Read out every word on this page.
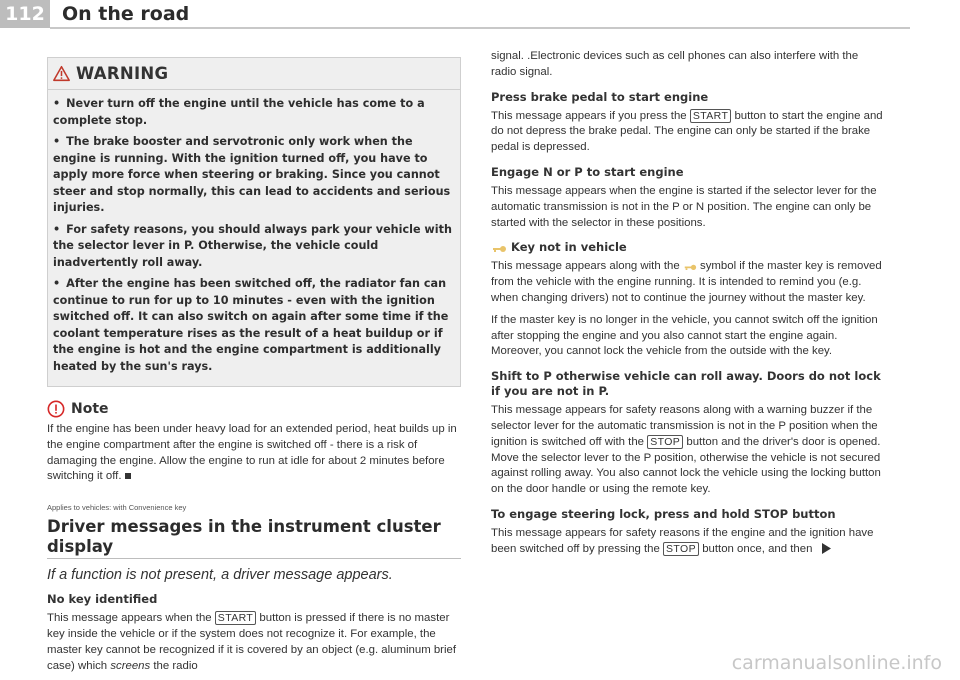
112 On the road
WARNING
• Never turn off the engine until the vehicle has come to a complete stop.
• The brake booster and servotronic only work when the engine is running. With the ignition turned off, you have to apply more force when steering or braking. Since you cannot steer and stop normally, this can lead to accidents and serious injuries.
• For safety reasons, you should always park your vehicle with the selector lever in P. Otherwise, the vehicle could inadvertently roll away.
• After the engine has been switched off, the radiator fan can continue to run for up to 10 minutes - even with the ignition switched off. It can also switch on again after some time if the coolant temperature rises as the result of a heat buildup or if the engine is hot and the engine compartment is additionally heated by the sun's rays.
Note

If the engine has been under heavy load for an extended period, heat builds up in the engine compartment after the engine is switched off - there is a risk of damaging the engine. Allow the engine to run at idle for about 2 minutes before switching it off.

Applies to vehicles: with Convenience key
Driver messages in the instrument cluster display
If a function is not present, a driver message appears.
No key identified

This message appears when the START button is pressed if there is no master key inside the vehicle or if the system does not recognize it. For example, the master key cannot be recognized if it is covered by an object (e.g. aluminum brief case) which screens the radio

signal. .Electronic devices such as cell phones can also interfere with the radio signal.

Press brake pedal to start engine

This message appears if you press the START button to start the engine and do not depress the brake pedal. The engine can only be started if the brake pedal is depressed.

Engage N or P to start engine

This message appears when the engine is started if the selector lever for the automatic transmission is not in the P or N position. The engine can only be started with the selector in these positions.

Key not in vehicle

This message appears along with the symbol if the master key is removed from the vehicle with the engine running. It is intended to remind you (e.g. when changing drivers) not to continue the journey without the master key.

If the master key is no longer in the vehicle, you cannot switch off the ignition after stopping the engine and you also cannot start the engine again. Moreover, you cannot lock the vehicle from the outside with the key.

Shift to P otherwise vehicle can roll away. Doors do not lock if you are not in P.

This message appears for safety reasons along with a warning buzzer if the selector lever for the automatic transmission is not in the P position when the ignition is switched off with the STOP button and the driver's door is opened. Move the selector lever to the P position, otherwise the vehicle is not secured against rolling away. You also cannot lock the vehicle using the locking button on the door handle or using the remote key.

To engage steering lock, press and hold STOP button

This message appears for safety reasons if the engine and the ignition have been switched off by pressing the STOP button once, and then

carmanualsonline.info
